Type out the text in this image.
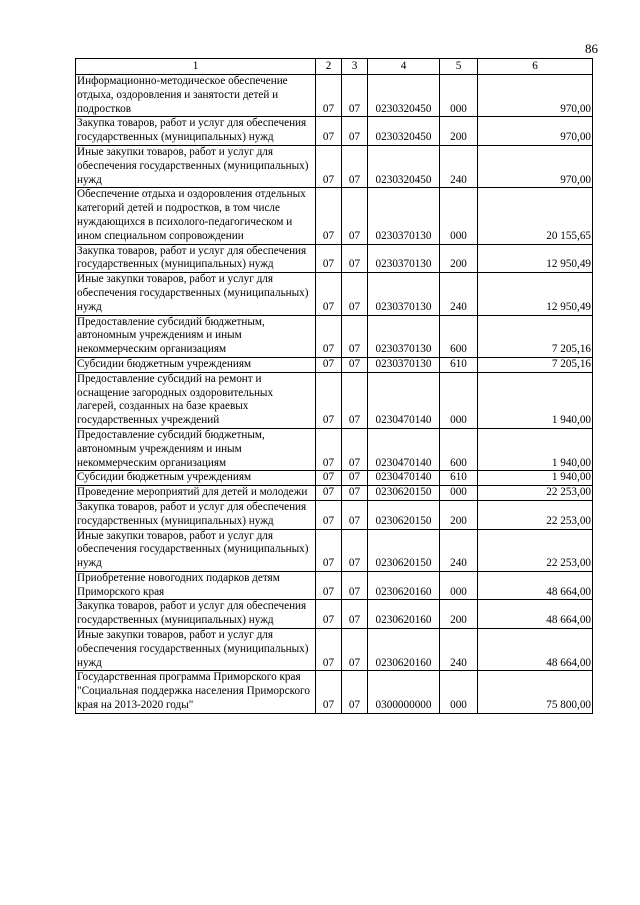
86
1	2	3	4	5	6
Информационно-методическое обеспечение отдыха, оздоровления и занятости детей и подростков	07	07	0230320450	000	970,00
Закупка товаров, работ и услуг для обеспечения государственных (муниципальных) нужд	07	07	0230320450	200	970,00
Иные закупки товаров, работ и услуг для обеспечения государственных (муниципальных) нужд	07	07	0230320450	240	970,00
Обеспечение отдыха и оздоровления отдельных категорий детей и подростков, в том числе нуждающихся в психолого-педагогическом и ином специальном сопровождении	07	07	0230370130	000	20 155,65
Закупка товаров, работ и услуг для обеспечения государственных (муниципальных) нужд	07	07	0230370130	200	12 950,49
Иные закупки товаров, работ и услуг для обеспечения государственных (муниципальных) нужд	07	07	0230370130	240	12 950,49
Предоставление субсидий бюджетным, автономным учреждениям и иным некоммерческим организациям	07	07	0230370130	600	7 205,16
Субсидии бюджетным учреждениям	07	07	0230370130	610	7 205,16
Предоставление субсидий на ремонт и оснащение загородных оздоровительных лагерей, созданных на базе краевых государственных учреждений	07	07	0230470140	000	1 940,00
Предоставление субсидий бюджетным, автономным учреждениям и иным некоммерческим организациям	07	07	0230470140	600	1 940,00
Субсидии бюджетным учреждениям	07	07	0230470140	610	1 940,00
Проведение мероприятий для детей и молодежи	07	07	0230620150	000	22 253,00
Закупка товаров, работ и услуг для обеспечения государственных (муниципальных) нужд	07	07	0230620150	200	22 253,00
Иные закупки товаров, работ и услуг для обеспечения государственных (муниципальных) нужд	07	07	0230620150	240	22 253,00
Приобретение новогодних подарков детям Приморского края	07	07	0230620160	000	48 664,00
Закупка товаров, работ и услуг для обеспечения государственных (муниципальных) нужд	07	07	0230620160	200	48 664,00
Иные закупки товаров, работ и услуг для обеспечения государственных (муниципальных) нужд	07	07	0230620160	240	48 664,00
Государственная программа Приморского края "Социальная поддержка населения Приморского края на 2013-2020 годы"	07	07	0300000000	000	75 800,00
